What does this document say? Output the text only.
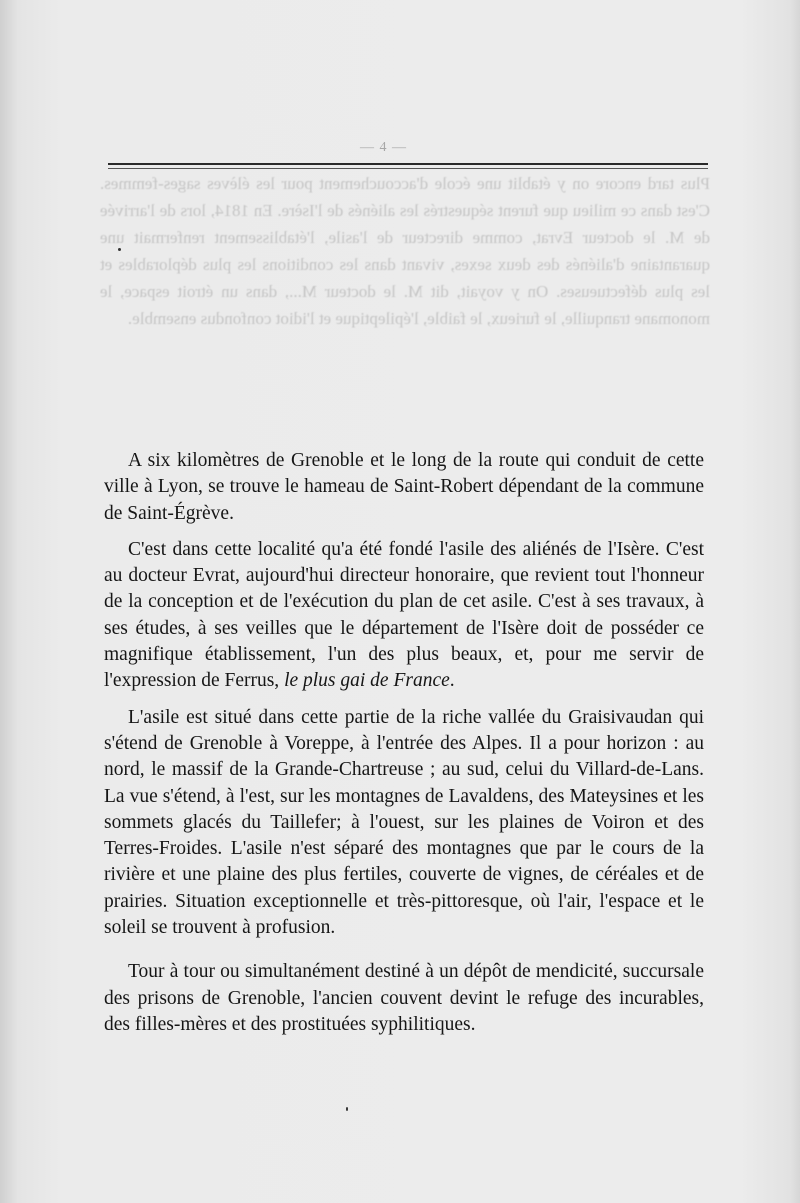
Plus tard encore on y établit une école d'accouchement pour les élèves sages-femmes. C'est dans ce milieu que furent séquestrés les aliénés de l'Isère. En 1814, lors de l'arrivée de M. le docteur Evrat, comme directeur de l'asile, l'établissement renfermait une quarantaine d'aliénés des deux sexes, vivant dans les conditions les plus déplorables et les plus défectueuses. On y voyait, dit M. le docteur M..., dans un étroit espace, le monomane tranquille, le furieux, le faible, l'épileptique et l'idiot confondus ensemble.

— 4 —

A six kilomètres de Grenoble et le long de la route qui conduit de cette ville à Lyon, se trouve le hameau de Saint-Robert dépendant de la commune de Saint-Égrève.

C'est dans cette localité qu'a été fondé l'asile des aliénés de l'Isère. C'est au docteur Evrat, aujourd'hui directeur honoraire, que revient tout l'honneur de la conception et de l'exécution du plan de cet asile. C'est à ses travaux, à ses études, à ses veilles que le département de l'Isère doit de posséder ce magnifique établissement, l'un des plus beaux, et, pour me servir de l'expression de Ferrus, le plus gai de France.

L'asile est situé dans cette partie de la riche vallée du Graisivaudan qui s'étend de Grenoble à Voreppe, à l'entrée des Alpes. Il a pour horizon : au nord, le massif de la Grande-Chartreuse ; au sud, celui du Villard-de-Lans. La vue s'étend, à l'est, sur les montagnes de Lavaldens, des Mateysines et les sommets glacés du Taillefer; à l'ouest, sur les plaines de Voiron et des Terres-Froides. L'asile n'est séparé des montagnes que par le cours de la rivière et une plaine des plus fertiles, couverte de vignes, de céréales et de prairies. Situation exceptionnelle et très-pittoresque, où l'air, l'espace et le soleil se trouvent à profusion.

Tour à tour ou simultanément destiné à un dépôt de mendicité, succursale des prisons de Grenoble, l'ancien couvent devint le refuge des incurables, des filles-mères et des prostituées syphilitiques.
